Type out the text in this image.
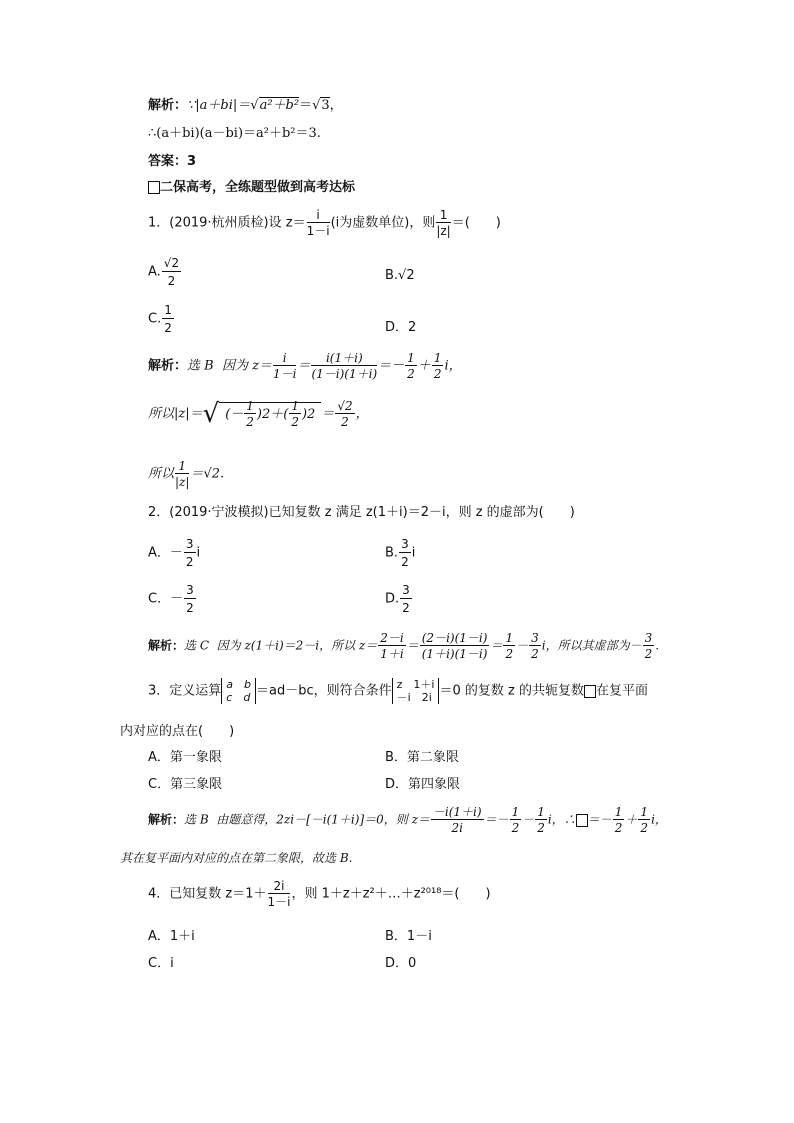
解析：∵|a＋bi|＝√a²＋b²＝√3，
∴(a＋bi)(a－bi)＝a²＋b²＝3.
答案：3
二保高考，全练题型做到高考达标
1．(2019·杭州质检)设 $z= \frac{i}{1-i} (i$为虚数单位)，则 $\frac{1}{|z|}$ ＝(　　)
A. $\frac{√2}{2}$	B.√2
C. $\frac{1}{2}$	D．2
解析：选 B 因为 $z= \frac{i}{1-i} = \frac{i(1+i)}{(1-i)(1+i)} =- \frac{1}{2} + \frac{1}{2}$ i，
所以|z|＝√ (－ $\frac{1}{2} )2+( \frac{1}{2} )2 = \frac{√2}{2}$ ，
所以 $\frac{1}{|z|} =√2$.
2．(2019·宁波模拟)已知复数 z 满足 z(1＋i)＝2－i，则 z 的虚部为(　　)
A．－ $\frac{3}{2}$ i	B. $\frac{3}{2}$ i
C．－ $\frac{3}{2}$	D. $\frac{3}{2}$
解析：选 C 因为 z(1＋i)＝2－i，所以 $z= \frac{2-i}{1+i} = \frac{(2-i)(1-i)}{(1+i)(1-i)} = \frac{1}{2} - \frac{3}{2}$ i，所以其虚部为－ $\frac{3}{2}$ .
3．定义运算 a　b
c　d ＝ad－bc，则符合条件 z　1＋i
－i　2i ＝0 的复数 z 的共轭复数 在复平面
内对应的点在(　　)
A．第一象限	B．第二象限
C．第三象限	D．第四象限
解析：选 B 由题意得，2zi－[－i(1＋i)]＝0，则 $z= \frac{-i(1+i)}{2i} =- \frac{1}{2} - \frac{1}{2}$ i，∴ ＝－ $\frac{1}{2} + \frac{1}{2}$ i，
其在复平面内对应的点在第二象限，故选 B.
4．已知复数 $z=1+ \frac{2i}{1-i}$ ，则 1＋z＋z²＋…＋z²⁰¹⁸＝(　　)
A．1＋i	B．1－i
C．i	D．0
